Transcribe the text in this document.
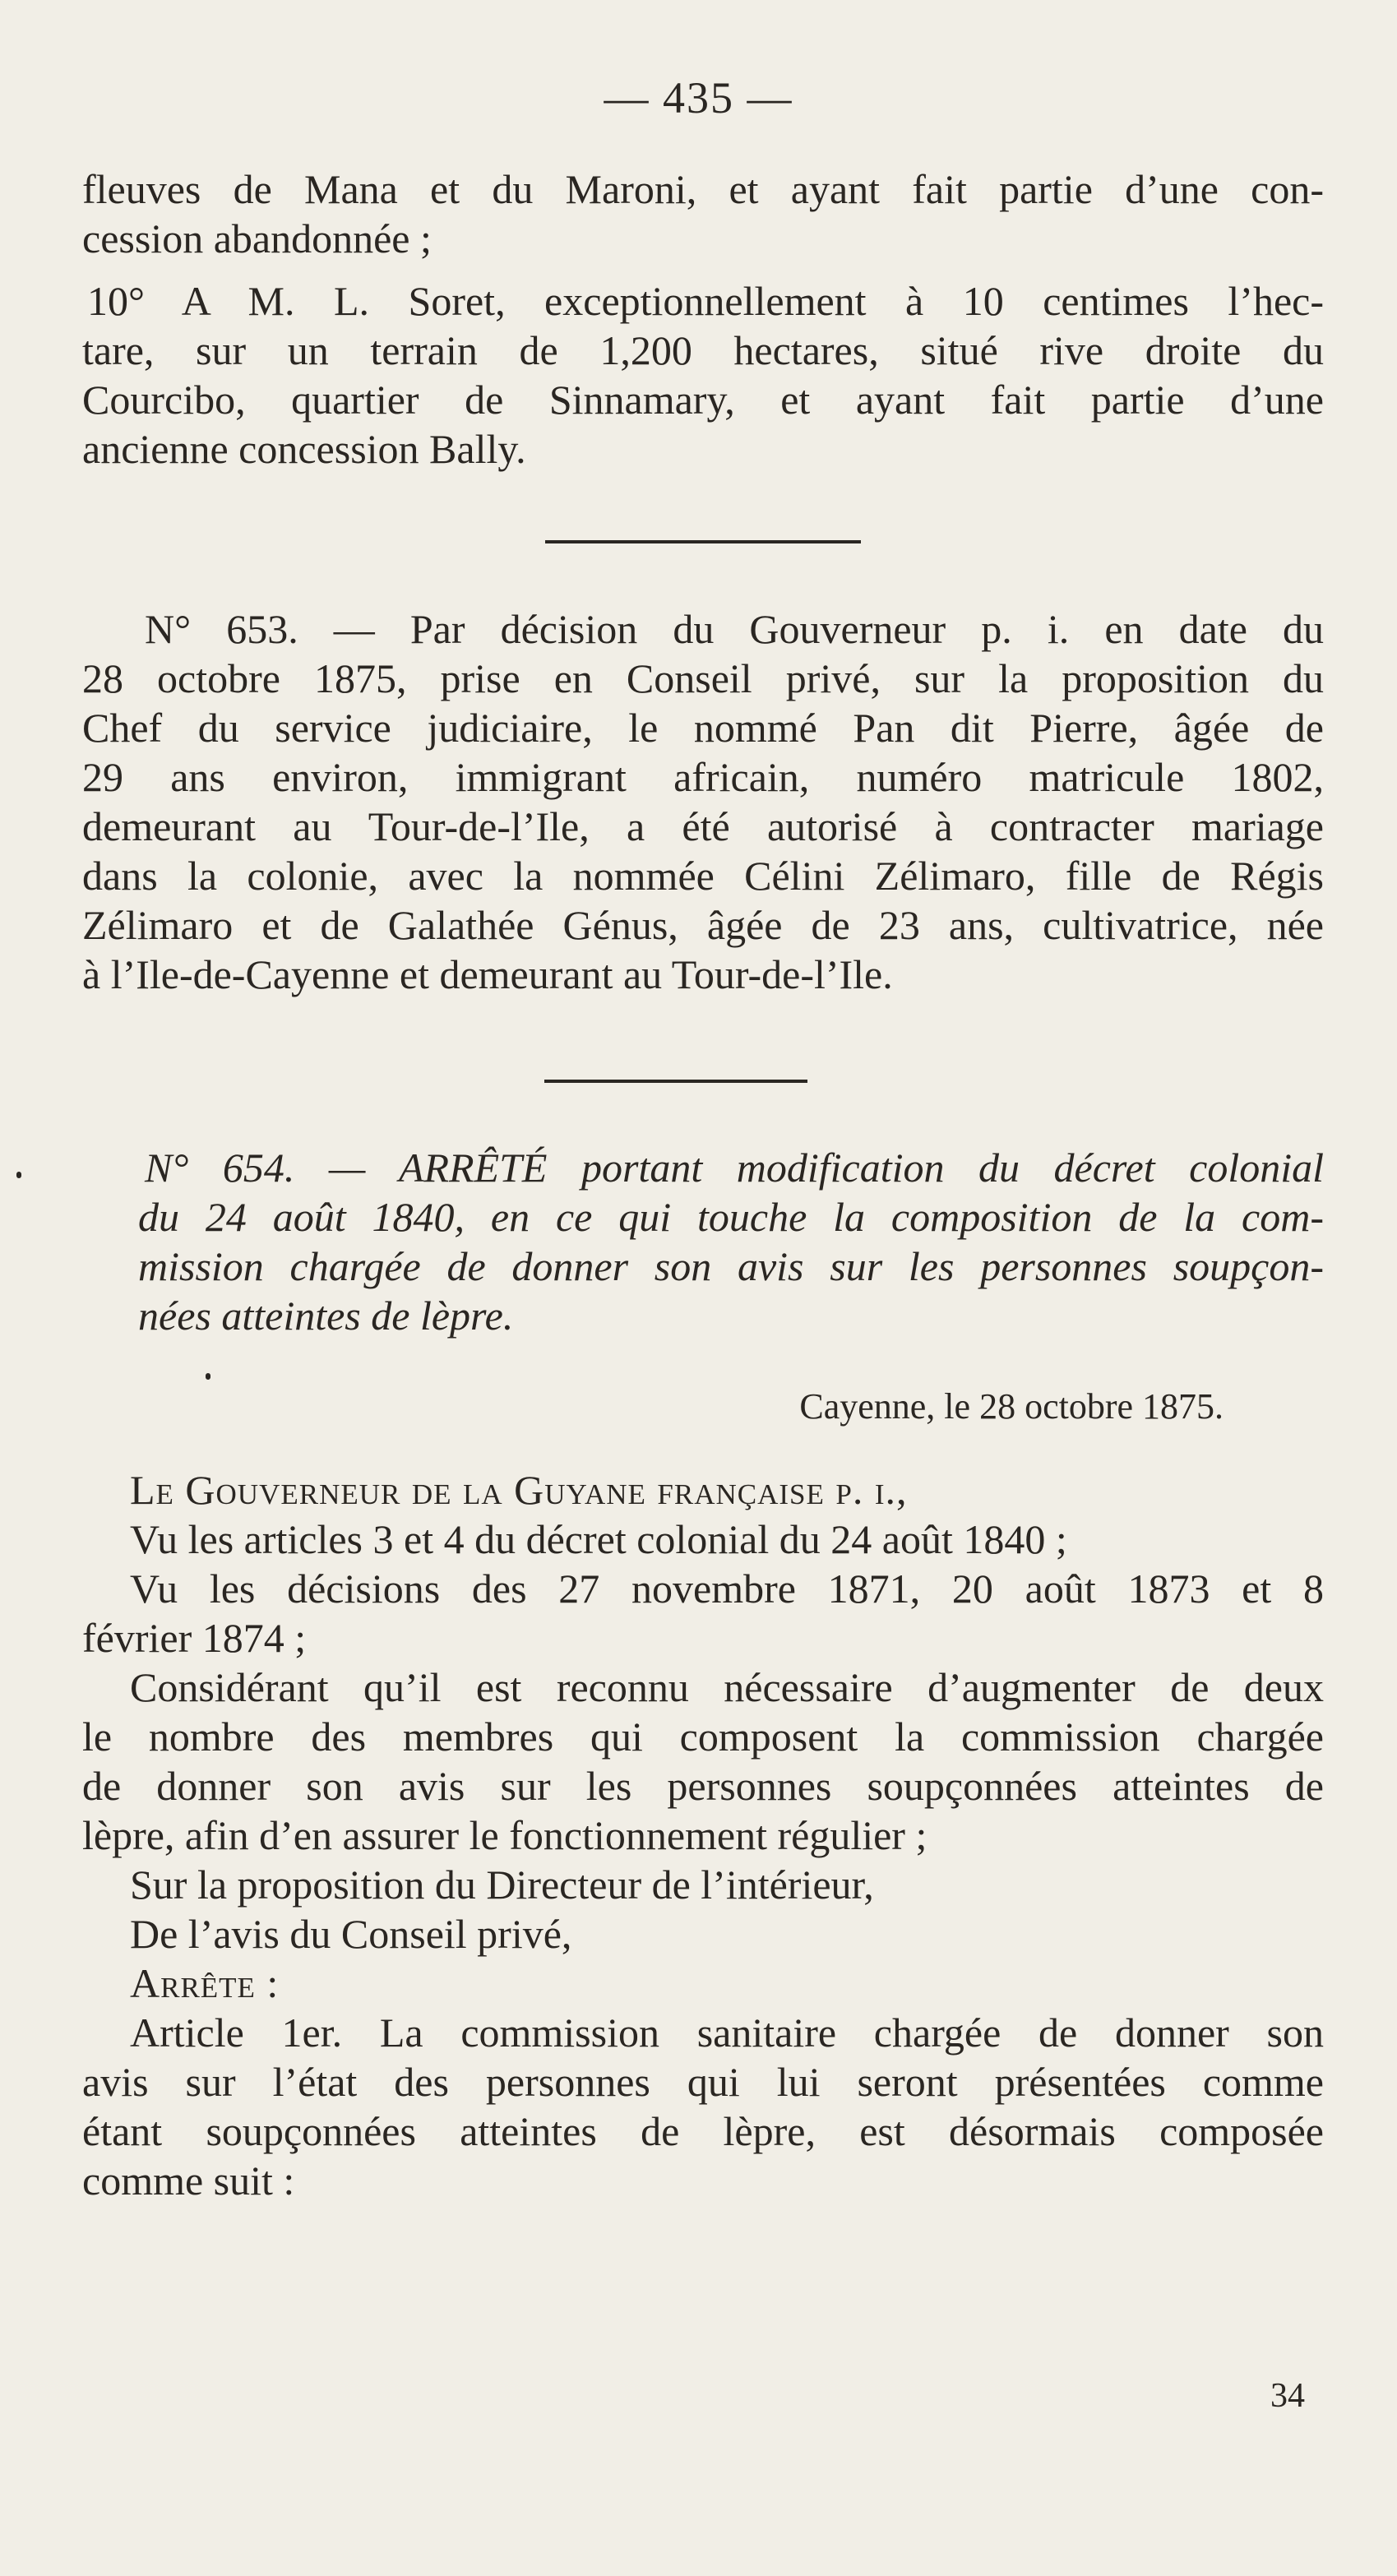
— 435 —
fleuves de Mana et du Maroni, et ayant fait partie d’une con-
cession abandonnée ;
10° A M. L. Soret, exceptionnellement à 10 centimes l’hec-
tare, sur un terrain de 1,200 hectares, situé rive droite du
Courcibo, quartier de Sinnamary, et ayant fait partie d’une
ancienne concession Bally.
N° 653. — Par décision du Gouverneur p. i. en date du
28 octobre 1875, prise en Conseil privé, sur la proposition du
Chef du service judiciaire, le nommé Pan dit Pierre, âgée de
29 ans environ, immigrant africain, numéro matricule 1802,
demeurant au Tour-de-l’Ile, a été autorisé à contracter mariage
dans la colonie, avec la nommée Célini Zélimaro, fille de Régis
Zélimaro et de Galathée Génus, âgée de 23 ans, cultivatrice, née
à l’Ile-de-Cayenne et demeurant au Tour-de-l’Ile.
N° 654. — ARRÊTÉ portant modification du décret colonial
du 24 août 1840, en ce qui touche la composition de la com-
mission chargée de donner son avis sur les personnes soupçon-
nées atteintes de lèpre.
Cayenne, le 28 octobre 1875.
Le Gouverneur de la Guyane française p. i.,
Vu les articles 3 et 4 du décret colonial du 24 août 1840 ;
Vu les décisions des 27 novembre 1871, 20 août 1873 et 8
février 1874 ;
Considérant qu’il est reconnu nécessaire d’augmenter de deux
le nombre des membres qui composent la commission chargée
de donner son avis sur les personnes soupçonnées atteintes de
lèpre, afin d’en assurer le fonctionnement régulier ;
Sur la proposition du Directeur de l’intérieur,
De l’avis du Conseil privé,
Arrête :
Article 1er. La commission sanitaire chargée de donner son
avis sur l’état des personnes qui lui seront présentées comme
étant soupçonnées atteintes de lèpre, est désormais composée
comme suit :
34
